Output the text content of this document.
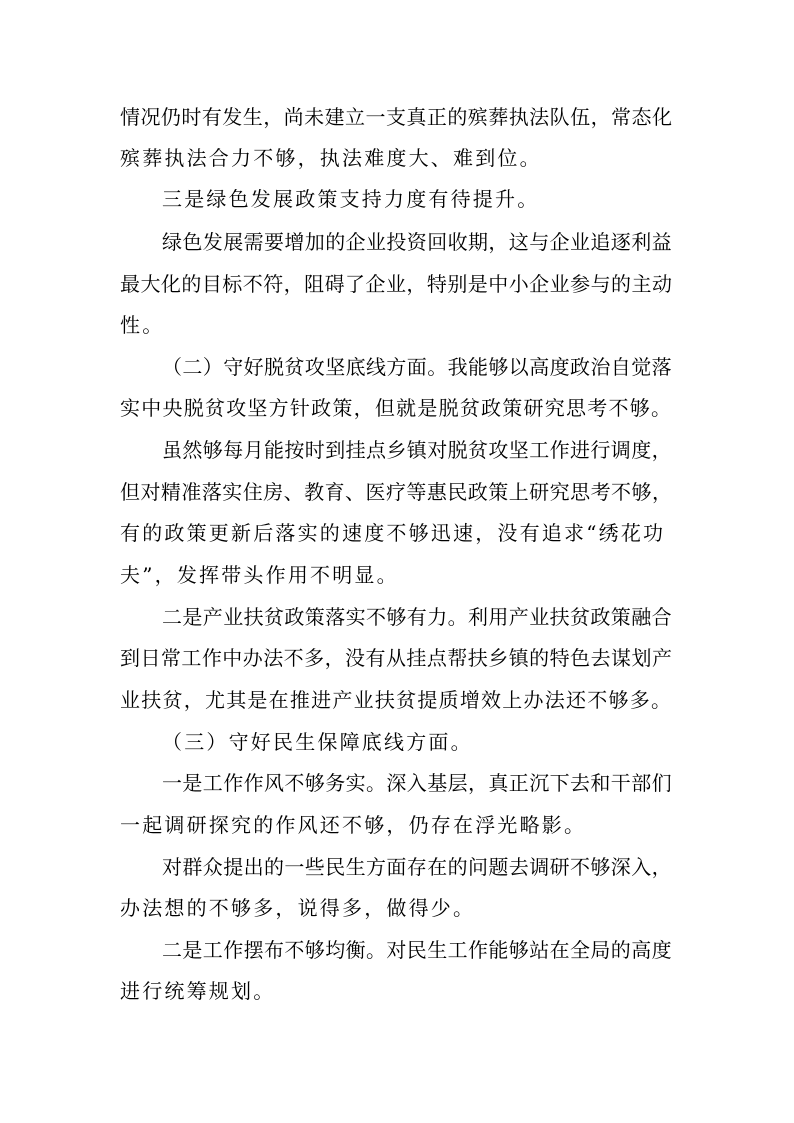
情况仍时有发生，尚未建立一支真正的殡葬执法队伍，常态化
殡葬执法合力不够，执法难度大、难到位。
三是绿色发展政策支持力度有待提升。
绿色发展需要增加的企业投资回收期，这与企业追逐利益
最大化的目标不符，阻碍了企业，特别是中小企业参与的主动
性。
（二）守好脱贫攻坚底线方面。我能够以高度政治自觉落
实中央脱贫攻坚方针政策，但就是脱贫政策研究思考不够。
虽然够每月能按时到挂点乡镇对脱贫攻坚工作进行调度，
但对精准落实住房、教育、医疗等惠民政策上研究思考不够，
有的政策更新后落实的速度不够迅速，没有追求“绣花功
夫”，发挥带头作用不明显。
二是产业扶贫政策落实不够有力。利用产业扶贫政策融合
到日常工作中办法不多，没有从挂点帮扶乡镇的特色去谋划产
业扶贫，尤其是在推进产业扶贫提质增效上办法还不够多。
（三）守好民生保障底线方面。
一是工作作风不够务实。深入基层，真正沉下去和干部们
一起调研探究的作风还不够，仍存在浮光略影。
对群众提出的一些民生方面存在的问题去调研不够深入，
办法想的不够多，说得多，做得少。
二是工作摆布不够均衡。对民生工作能够站在全局的高度
进行统筹规划。
